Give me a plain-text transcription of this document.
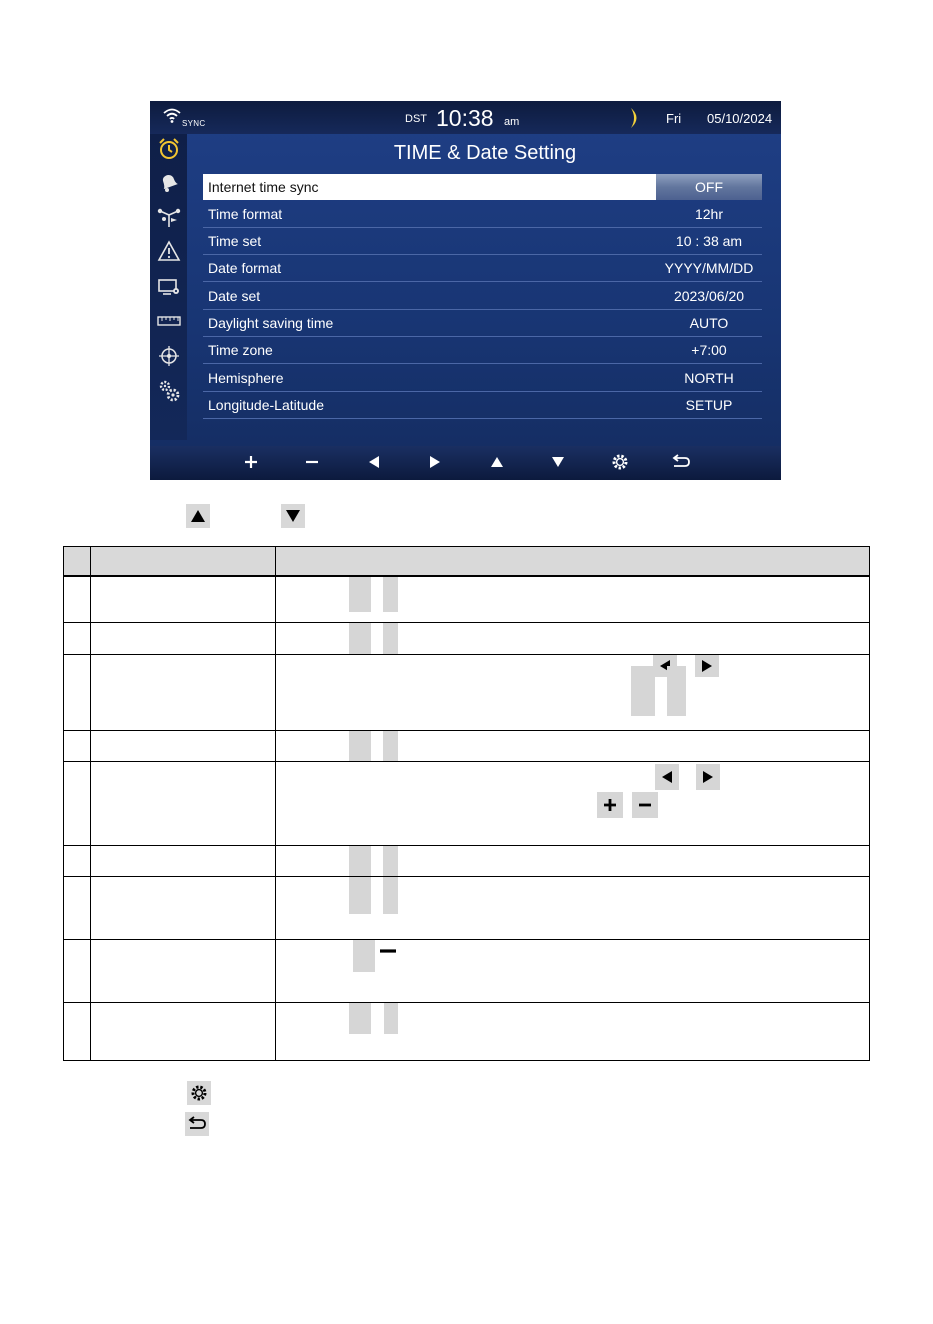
SYNC	DST 10:38 am	Fri 05/10/2024
TIME & Date Setting
Internet time sync	OFF
Time format	12hr
Time set	10 : 38 am
Date format	YYYY/MM/DD
Date set	2023/06/20
Daylight saving time	AUTO
Time zone	+7:00
Hemisphere	NORTH
Longitude-Latitude	SETUP
